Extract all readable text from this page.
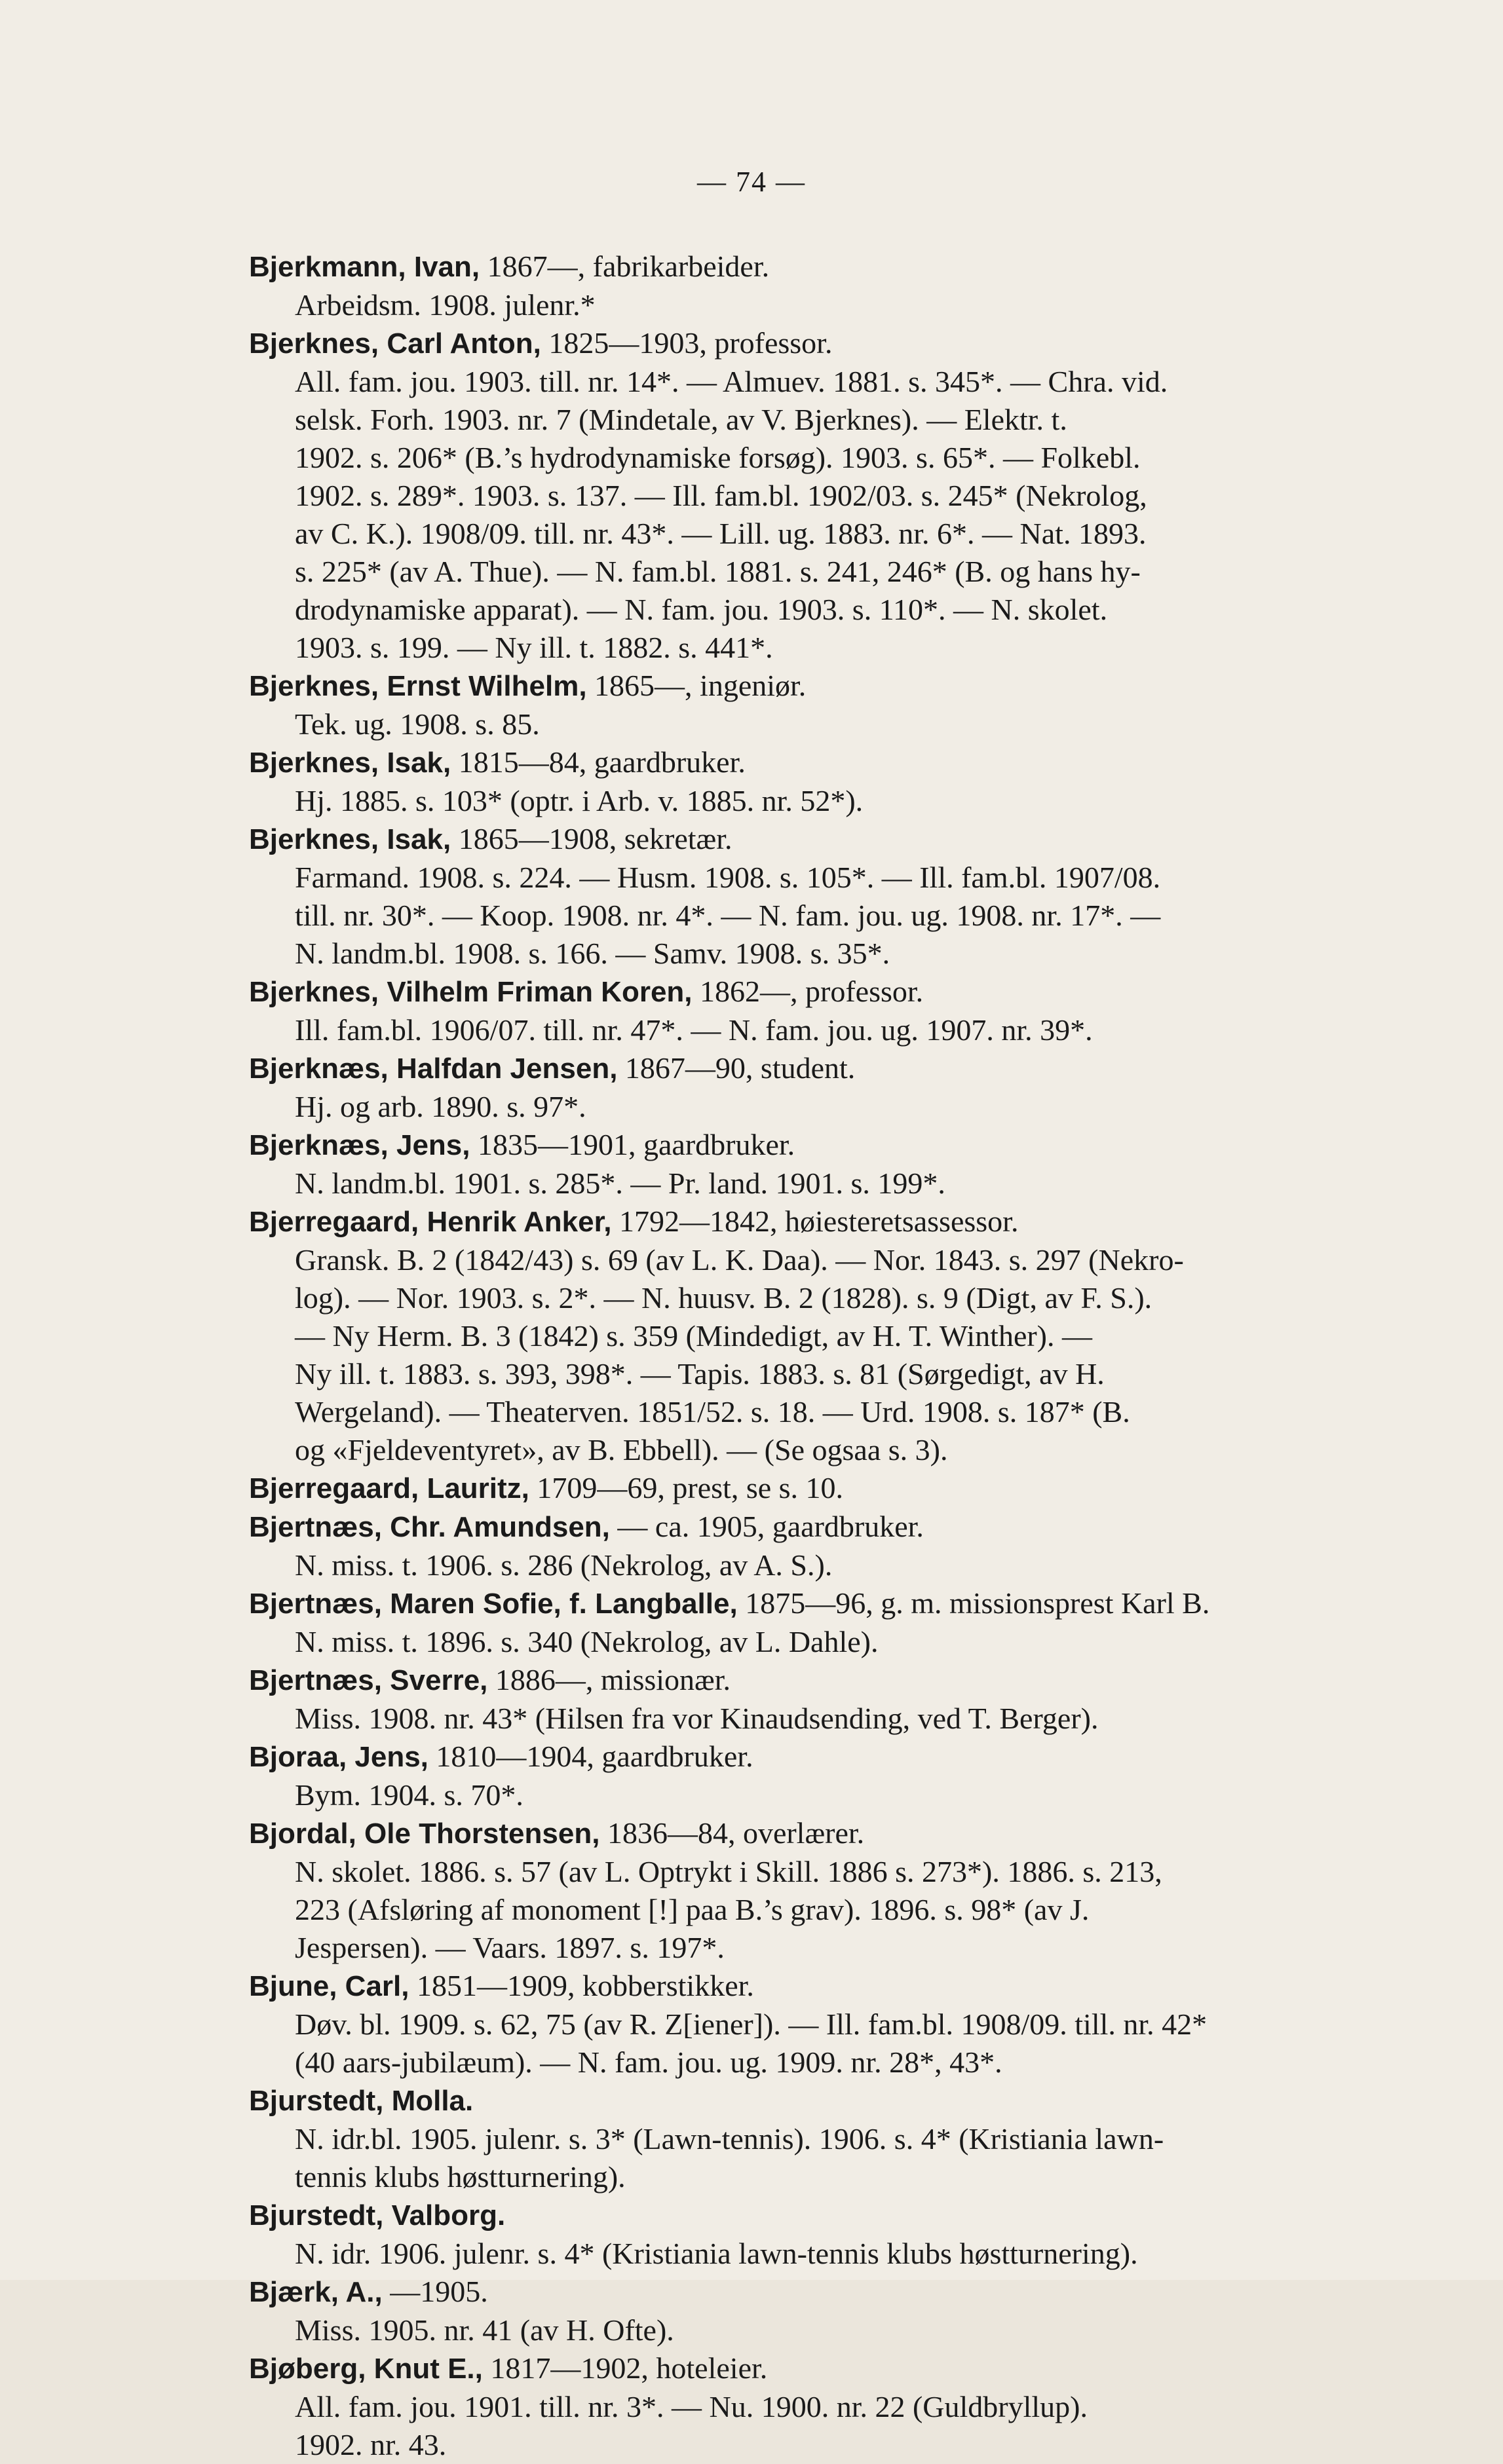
— 74 —

Bjerkmann, Ivan, 1867—, fabrikarbeider.

Arbeidsm. 1908. julenr.*

Bjerknes, Carl Anton, 1825—1903, professor.

All. fam. jou. 1903. till. nr. 14*. — Almuev. 1881. s. 345*. — Chra. vid.

selsk. Forh. 1903. nr. 7 (Mindetale, av V. Bjerknes). — Elektr. t.

1902. s. 206* (B.’s hydrodynamiske forsøg). 1903. s. 65*. — Folkebl.

1902. s. 289*. 1903. s. 137. — Ill. fam.bl. 1902/03. s. 245* (Nekrolog,

av C. K.). 1908/09. till. nr. 43*. — Lill. ug. 1883. nr. 6*. — Nat. 1893.

s. 225* (av A. Thue). — N. fam.bl. 1881. s. 241, 246* (B. og hans hy-

drodynamiske apparat). — N. fam. jou. 1903. s. 110*. — N. skolet.

1903. s. 199. — Ny ill. t. 1882. s. 441*.

Bjerknes, Ernst Wilhelm, 1865—, ingeniør.

Tek. ug. 1908. s. 85.

Bjerknes, Isak, 1815—84, gaardbruker.

Hj. 1885. s. 103* (optr. i Arb. v. 1885. nr. 52*).

Bjerknes, Isak, 1865—1908, sekretær.

Farmand. 1908. s. 224. — Husm. 1908. s. 105*. — Ill. fam.bl. 1907/08.

till. nr. 30*. — Koop. 1908. nr. 4*. — N. fam. jou. ug. 1908. nr. 17*. —

N. landm.bl. 1908. s. 166. — Samv. 1908. s. 35*.

Bjerknes, Vilhelm Friman Koren, 1862—, professor.

Ill. fam.bl. 1906/07. till. nr. 47*. — N. fam. jou. ug. 1907. nr. 39*.

Bjerknæs, Halfdan Jensen, 1867—90, student.

Hj. og arb. 1890. s. 97*.

Bjerknæs, Jens, 1835—1901, gaardbruker.

N. landm.bl. 1901. s. 285*. — Pr. land. 1901. s. 199*.

Bjerregaard, Henrik Anker, 1792—1842, høiesteretsassessor.

Gransk. B. 2 (1842/43) s. 69 (av L. K. Daa). — Nor. 1843. s. 297 (Nekro-

log). — Nor. 1903. s. 2*. — N. huusv. B. 2 (1828). s. 9 (Digt, av F. S.).

— Ny Herm. B. 3 (1842) s. 359 (Mindedigt, av H. T. Winther). —

Ny ill. t. 1883. s. 393, 398*. — Tapis. 1883. s. 81 (Sørgedigt, av H.

Wergeland). — Theaterven. 1851/52. s. 18. — Urd. 1908. s. 187* (B.

og «Fjeldeventyret», av B. Ebbell). — (Se ogsaa s. 3).

Bjerregaard, Lauritz, 1709—69, prest, se s. 10.

Bjertnæs, Chr. Amundsen, — ca. 1905, gaardbruker.

N. miss. t. 1906. s. 286 (Nekrolog, av A. S.).

Bjertnæs, Maren Sofie, f. Langballe, 1875—96, g. m. missionsprest Karl B.

N. miss. t. 1896. s. 340 (Nekrolog, av L. Dahle).

Bjertnæs, Sverre, 1886—, missionær.

Miss. 1908. nr. 43* (Hilsen fra vor Kinaudsending, ved T. Berger).

Bjoraa, Jens, 1810—1904, gaardbruker.

Bym. 1904. s. 70*.

Bjordal, Ole Thorstensen, 1836—84, overlærer.

N. skolet. 1886. s. 57 (av L. Optrykt i Skill. 1886 s. 273*). 1886. s. 213,

223 (Afsløring af monoment [!] paa B.’s grav). 1896. s. 98* (av J.

Jespersen). — Vaars. 1897. s. 197*.

Bjune, Carl, 1851—1909, kobberstikker.

Døv. bl. 1909. s. 62, 75 (av R. Z[iener]). — Ill. fam.bl. 1908/09. till. nr. 42*

(40 aars-jubilæum). — N. fam. jou. ug. 1909. nr. 28*, 43*.

Bjurstedt, Molla.

N. idr.bl. 1905. julenr. s. 3* (Lawn-tennis). 1906. s. 4* (Kristiania lawn-

tennis klubs høstturnering).

Bjurstedt, Valborg.

N. idr. 1906. julenr. s. 4* (Kristiania lawn-tennis klubs høstturnering).

Bjærk, A., —1905.

Miss. 1905. nr. 41 (av H. Ofte).

Bjøberg, Knut E., 1817—1902, hoteleier.

All. fam. jou. 1901. till. nr. 3*. — Nu. 1900. nr. 22 (Guldbryllup).

1902. nr. 43.
